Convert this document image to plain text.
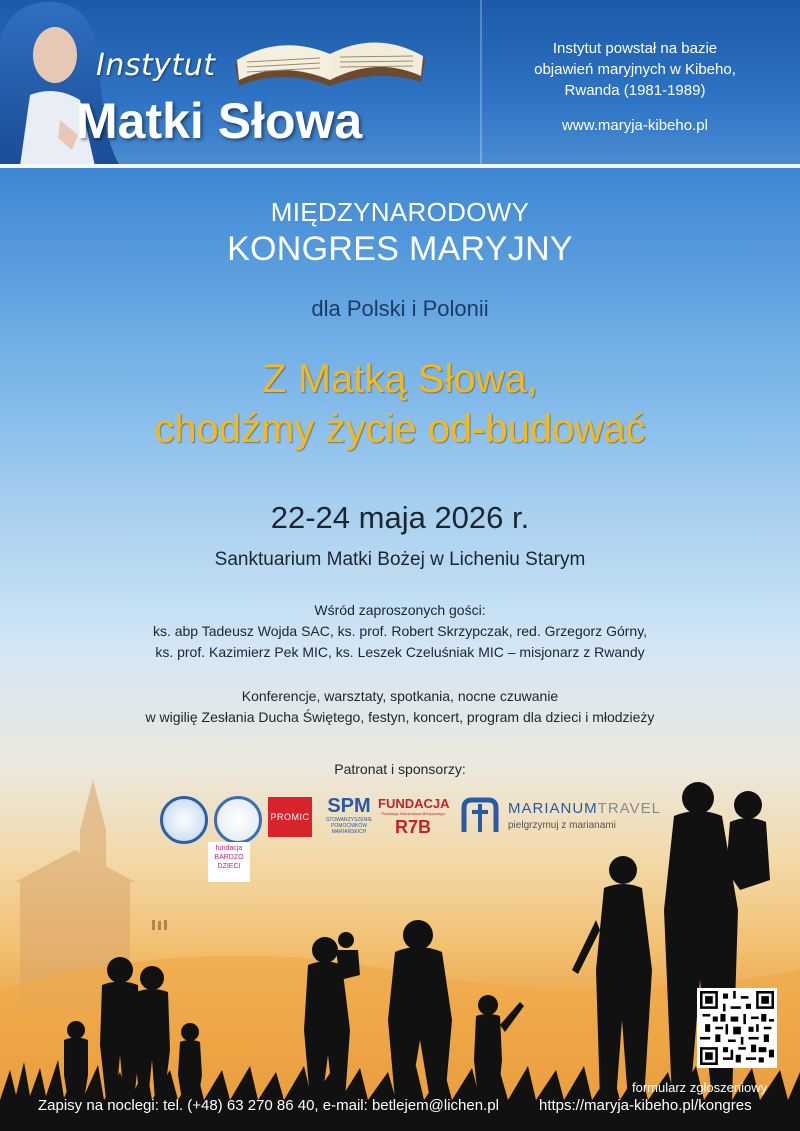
Instytut
Matki Słowa
Instytut powstał na bazie
objawień maryjnych w Kibeho,
Rwanda (1981-1989)
www.maryja-kibeho.pl
MIĘDZYNARODOWY
KONGRES MARYJNY
dla Polski i Polonii
Z Matką Słowa,
chodźmy życie od-budować
22-24 maja 2026 r.
Sanktuarium Matki Bożej w Licheniu Starym
Wśród zaproszonych gości:
ks. abp Tadeusz Wojda SAC, ks. prof. Robert Skrzypczak, red. Grzegorz Górny,
ks. prof. Kazimierz Pek MIC, ks. Leszek Czeluśniak MIC – misjonarz z Rwandy
Konferencje, warsztaty, spotkania, nocne czuwanie
w wigilię Zesłania Ducha Świętego, festyn, koncert, program dla dzieci i młodzieży
Patronat i sponsorzy:
PROMIC SPM
STOWARZYSZENIE POMOCNIKÓW MARIAŃSKICH
FUNDACJA
Polskiego Szkolnictwa Medycznego
R7B
MARIANUMTRAVEL
pielgrzymuj z marianami
fundacja
BARDZO
DZIECI
formularz zgłoszeniowy
Zapisy na noclegi: tel. (+48) 63 270 86 40, e-mail: betlejem@lichen.pl	https://maryja-kibeho.pl/kongres
